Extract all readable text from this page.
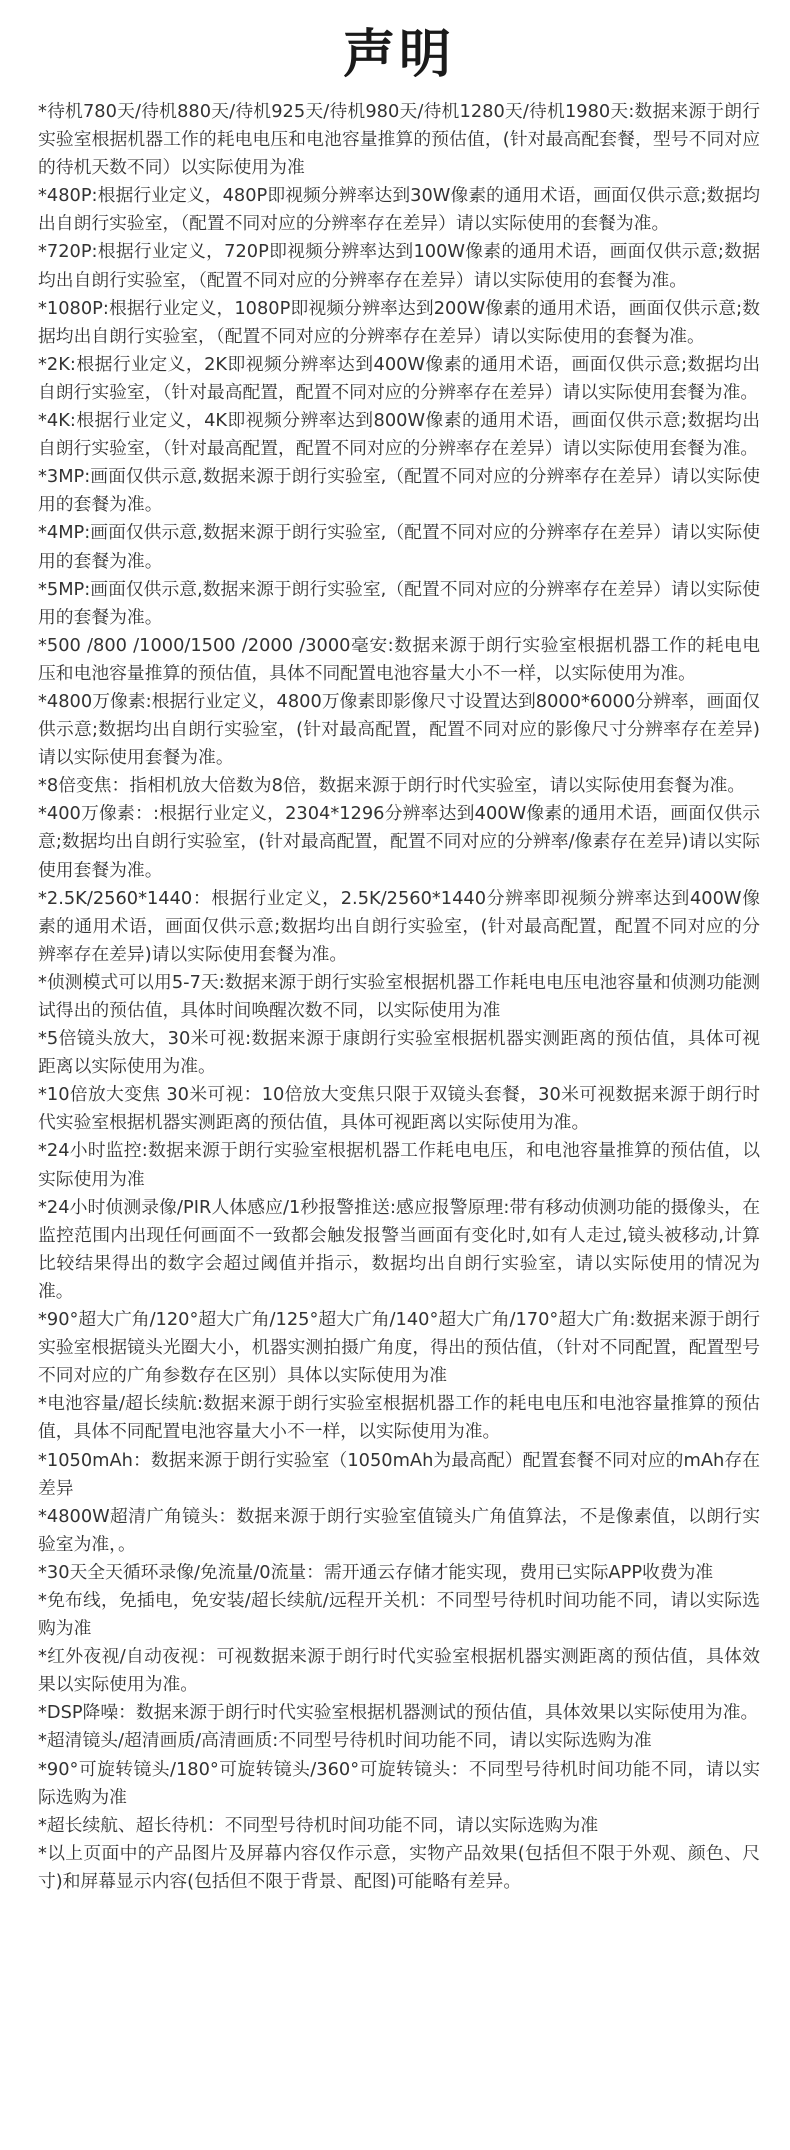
声明
*待机780天/待机880天/待机925天/待机980天/待机1280天/待机1980天:数据来源于朗行实验室根据机器工作的耗电电压和电池容量推算的预估值，(针对最高配套餐，型号不同对应的待机天数不同）以实际使用为准
*480P:根据行业定义，480P即视频分辨率达到30W像素的通用术语，画面仅供示意;数据均出自朗行实验室，（配置不同对应的分辨率存在差异）请以实际使用的套餐为准。
*720P:根据行业定义，720P即视频分辨率达到100W像素的通用术语，画面仅供示意;数据均出自朗行实验室，（配置不同对应的分辨率存在差异）请以实际使用的套餐为准。
*1080P:根据行业定义，1080P即视频分辨率达到200W像素的通用术语，画面仅供示意;数据均出自朗行实验室，（配置不同对应的分辨率存在差异）请以实际使用的套餐为准。
*2K:根据行业定义，2K即视频分辨率达到400W像素的通用术语，画面仅供示意;数据均出自朗行实验室，（针对最高配置，配置不同对应的分辨率存在差异）请以实际使用套餐为准。
*4K:根据行业定义，4K即视频分辨率达到800W像素的通用术语，画面仅供示意;数据均出自朗行实验室，（针对最高配置，配置不同对应的分辨率存在差异）请以实际使用套餐为准。
*3MP:画面仅供示意,数据来源于朗行实验室,（配置不同对应的分辨率存在差异）请以实际使用的套餐为准。
*4MP:画面仅供示意,数据来源于朗行实验室,（配置不同对应的分辨率存在差异）请以实际使用的套餐为准。
*5MP:画面仅供示意,数据来源于朗行实验室,（配置不同对应的分辨率存在差异）请以实际使用的套餐为准。
*500 /800 /1000/1500 /2000 /3000毫安:数据来源于朗行实验室根据机器工作的耗电电压和电池容量推算的预估值，具体不同配置电池容量大小不一样，以实际使用为准。
*4800万像素:根据行业定义，4800万像素即影像尺寸设置达到8000*6000分辨率，画面仅供示意;数据均出自朗行实验室，(针对最高配置，配置不同对应的影像尺寸分辨率存在差异)请以实际使用套餐为准。
*8倍变焦：指相机放大倍数为8倍，数据来源于朗行时代实验室，请以实际使用套餐为准。
*400万像素：:根据行业定义，2304*1296分辨率达到400W像素的通用术语，画面仅供示意;数据均出自朗行实验室，(针对最高配置，配置不同对应的分辨率/像素存在差异)请以实际使用套餐为准。
*2.5K/2560*1440：根据行业定义，2.5K/2560*1440分辨率即视频分辨率达到400W像素的通用术语，画面仅供示意;数据均出自朗行实验室，(针对最高配置，配置不同对应的分辨率存在差异)请以实际使用套餐为准。
*侦测模式可以用5-7天:数据来源于朗行实验室根据机器工作耗电电压电池容量和侦测功能测试得出的预估值，具体时间唤醒次数不同，以实际使用为准
*5倍镜头放大，30米可视:数据来源于康朗行实验室根据机器实测距离的预估值，具体可视距离以实际使用为准。
*10倍放大变焦 30米可视：10倍放大变焦只限于双镜头套餐，30米可视数据来源于朗行时代实验室根据机器实测距离的预估值，具体可视距离以实际使用为准。
*24小时监控:数据来源于朗行实验室根据机器工作耗电电压，和电池容量推算的预估值，以实际使用为准
*24小时侦测录像/PIR人体感应/1秒报警推送:感应报警原理:带有移动侦测功能的摄像头，在监控范围内出现任何画面不一致都会触发报警当画面有变化时,如有人走过,镜头被移动,计算比较结果得出的数字会超过阈值并指示，数据均出自朗行实验室，请以实际使用的情况为准。
*90°超大广角/120°超大广角/125°超大广角/140°超大广角/170°超大广角:数据来源于朗行实验室根据镜头光圈大小，机器实测拍摄广角度，得出的预估值，（针对不同配置，配置型号不同对应的广角参数存在区别）具体以实际使用为准
*电池容量/超长续航:数据来源于朗行实验室根据机器工作的耗电电压和电池容量推算的预估值，具体不同配置电池容量大小不一样，以实际使用为准。
*1050mAh：数据来源于朗行实验室（1050mAh为最高配）配置套餐不同对应的mAh存在差异
*4800W超清广角镜头：数据来源于朗行实验室值镜头广角值算法，不是像素值，以朗行实验室为准，。
*30天全天循环录像/免流量/0流量：需开通云存储才能实现，费用已实际APP收费为准
*免布线，免插电，免安装/超长续航/远程开关机：不同型号待机时间功能不同，请以实际选购为准
*红外夜视/自动夜视：可视数据来源于朗行时代实验室根据机器实测距离的预估值，具体效果以实际使用为准。
*DSP降噪：数据来源于朗行时代实验室根据机器测试的预估值，具体效果以实际使用为准。
*超清镜头/超清画质/高清画质:不同型号待机时间功能不同，请以实际选购为准
*90°可旋转镜头/180°可旋转镜头/360°可旋转镜头：不同型号待机时间功能不同，请以实际选购为准
*超长续航、超长待机：不同型号待机时间功能不同，请以实际选购为准
*以上页面中的产品图片及屏幕内容仅作示意，实物产品效果(包括但不限于外观、颜色、尺寸)和屏幕显示内容(包括但不限于背景、配图)可能略有差异。
